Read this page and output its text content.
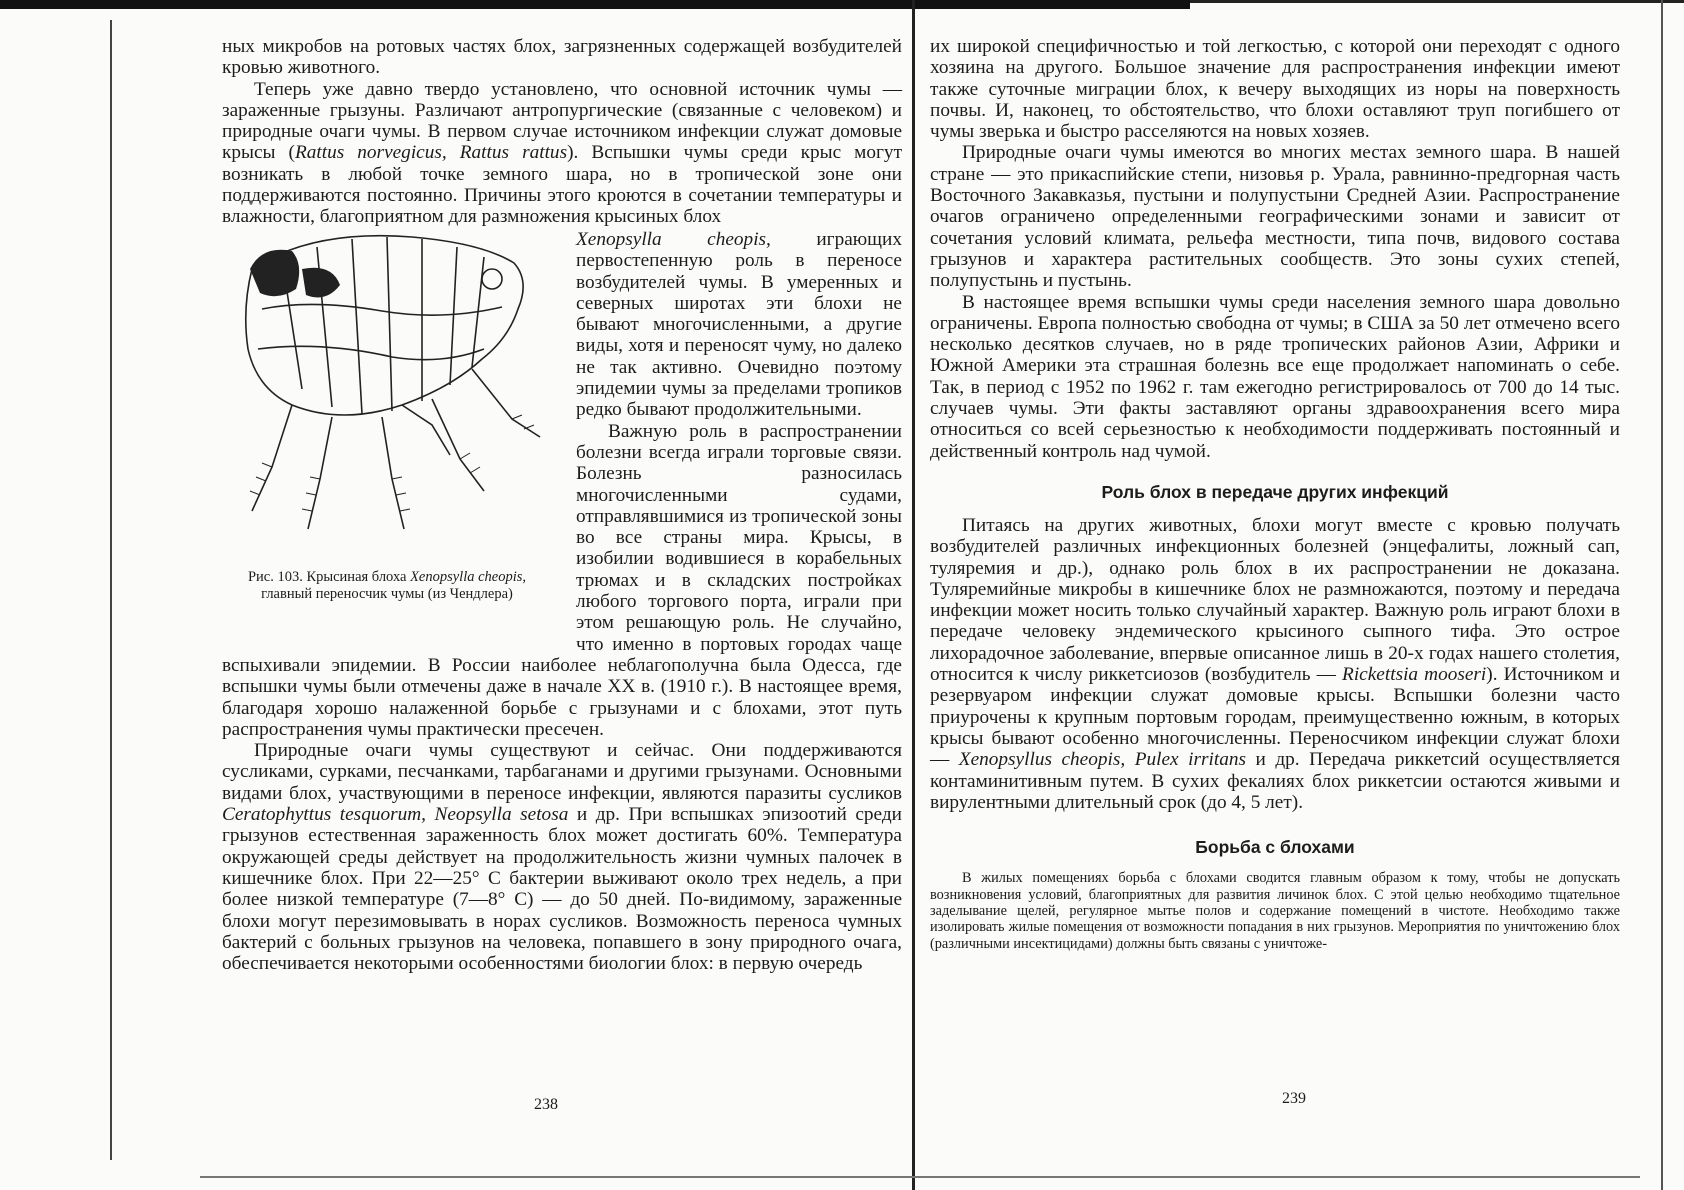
ных микробов на ротовых частях блох, загрязненных содержащей возбудителей кровью животного.

Теперь уже давно твердо установлено, что основной источник чумы — зараженные грызуны. Различают антропургические (связанные с человеком) и природные очаги чумы. В первом случае источником инфекции служат домовые крысы (Rattus norvegicus, Rattus rattus). Вспышки чумы среди крыс могут возникать в любой точке земного шара, но в тропической зоне они поддерживаются постоянно. Причины этого кроются в сочетании температуры и влажности, благоприятном для размножения крысиных блох

Рис. 103. Крысиная блоха Xenopsylla cheopis, главный переносчик чумы (из Чендлера)

Xenopsylla cheopis, играющих первостепенную роль в переносе возбудителей чумы. В умеренных и северных широтах эти блохи не бывают многочисленными, а другие виды, хотя и переносят чуму, но далеко не так активно. Очевидно поэтому эпидемии чумы за пределами тропиков редко бывают продолжительными.

Важную роль в распространении болезни всегда играли торговые связи. Болезнь разносилась многочисленными судами, отправлявшимися из тропической зоны во все страны мира. Крысы, в изобилии водившиеся в корабельных трюмах и в складских постройках любого торгового порта, играли при этом решающую роль. Не случайно, что именно в портовых городах чаще вспыхивали эпидемии. В России наиболее неблагополучна была Одесса, где вспышки чумы были отмечены даже в начале XX в. (1910 г.). В настоящее время, благодаря хорошо налаженной борьбе с грызунами и с блохами, этот путь распространения чумы практически пресечен.

Природные очаги чумы существуют и сейчас. Они поддерживаются сусликами, сурками, песчанками, тарбаганами и другими грызунами. Основными видами блох, участвующими в переносе инфекции, являются паразиты сусликов Ceratophyttus tesquorum, Neopsylla setosa и др. При вспышках эпизоотий среди грызунов естественная зараженность блох может достигать 60%. Температура окружающей среды действует на продолжительность жизни чумных палочек в кишечнике блох. При 22—25° С бактерии выживают около трех недель, а при более низкой температуре (7—8° С) — до 50 дней. По-видимому, зараженные блохи могут перезимовывать в норах сусликов. Возможность переноса чумных бактерий с больных грызунов на человека, попавшего в зону природного очага, обеспечивается некоторыми особенностями биологии блох: в первую очередь

238

их широкой специфичностью и той легкостью, с которой они переходят с одного хозяина на другого. Большое значение для распространения инфекции имеют также суточные миграции блох, к вечеру выходящих из норы на поверхность почвы. И, наконец, то обстоятельство, что блохи оставляют труп погибшего от чумы зверька и быстро расселяются на новых хозяев.

Природные очаги чумы имеются во многих местах земного шара. В нашей стране — это прикаспийские степи, низовья р. Урала, равнинно-предгорная часть Восточного Закавказья, пустыни и полупустыни Средней Азии. Распространение очагов ограничено определенными географическими зонами и зависит от сочетания условий климата, рельефа местности, типа почв, видового состава грызунов и характера растительных сообществ. Это зоны сухих степей, полупустынь и пустынь.

В настоящее время вспышки чумы среди населения земного шара довольно ограничены. Европа полностью свободна от чумы; в США за 50 лет отмечено всего несколько десятков случаев, но в ряде тропических районов Азии, Африки и Южной Америки эта страшная болезнь все еще продолжает напоминать о себе. Так, в период с 1952 по 1962 г. там ежегодно регистрировалось от 700 до 14 тыс. случаев чумы. Эти факты заставляют органы здравоохранения всего мира относиться со всей серьезностью к необходимости поддерживать постоянный и действенный контроль над чумой.

Роль блох в передаче других инфекций

Питаясь на других животных, блохи могут вместе с кровью получать возбудителей различных инфекционных болезней (энцефалиты, ложный сап, туляремия и др.), однако роль блох в их распространении не доказана. Туляремийные микробы в кишечнике блох не размножаются, поэтому и передача инфекции может носить только случайный характер. Важную роль играют блохи в передаче человеку эндемического крысиного сыпного тифа. Это острое лихорадочное заболевание, впервые описанное лишь в 20-х годах нашего столетия, относится к числу риккетсиозов (возбудитель — Rickettsia mooseri). Источником и резервуаром инфекции служат домовые крысы. Вспышки болезни часто приурочены к крупным портовым городам, преимущественно южным, в которых крысы бывают особенно многочисленны. Переносчиком инфекции служат блохи — Xenopsyllus cheopis, Pulex irritans и др. Передача риккетсий осуществляется контаминитивным путем. В сухих фекалиях блох риккетсии остаются живыми и вирулентными длительный срок (до 4, 5 лет).

Борьба с блохами

В жилых помещениях борьба с блохами сводится главным образом к тому, чтобы не допускать возникновения условий, благоприятных для развития личинок блох. С этой целью необходимо тщательное заделывание щелей, регулярное мытье полов и содержание помещений в чистоте. Необходимо также изолировать жилые помещения от возможности попадания в них грызунов. Мероприятия по уничтожению блох (различными инсектицидами) должны быть связаны с уничтоже-

239
